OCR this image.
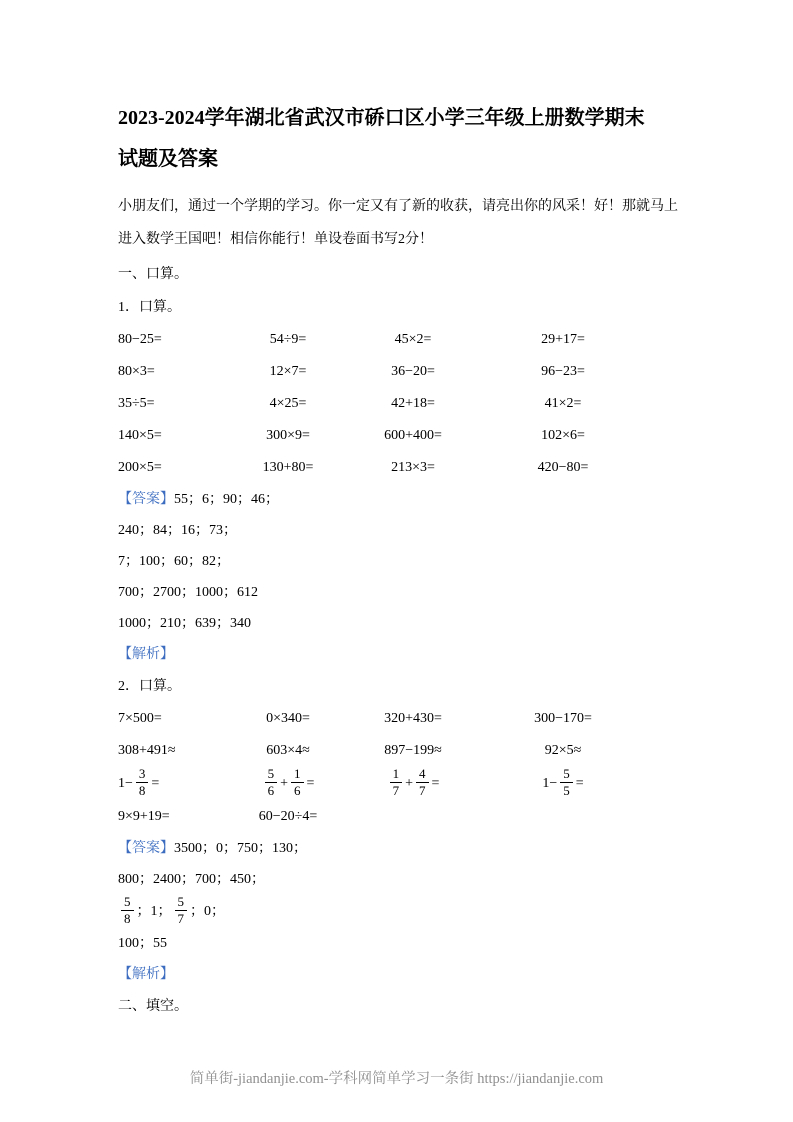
2023-2024学年湖北省武汉市硚口区小学三年级上册数学期末试题及答案

小朋友们，通过一个学期的学习。你一定又有了新的收获，请亮出你的风采！好！那就马上进入数学王国吧！相信你能行！单设卷面书写2分！

一、口算。

1．口算。

80−25=	54÷9=	45×2=	29+17=
80×3=	12×7=	36−20=	96−23=
35÷5=	4×25=	42+18=	41×2=
140×5=	300×9=	600+400=	102×6=
200×5=	130+80=	213×3=	420−80=

【答案】55；6；90；46；

240；84；16；73；

7；100；60；82；

700；2700；1000；612

1000；210；639；340

【解析】

2．口算。

7×500=	0×340=	320+430=	300−170=
308+491≈	603×4≈	897−199≈	92×5≈
$1- \frac{3}{8}$ =	$\frac{5}{6} + \frac{1}{6}$ =	$\frac{1}{7} + \frac{4}{7}$ =	$1- \frac{5}{5}$ =
9×9+19=	60−20÷4=

【答案】3500；0；750；130；

800；2400；700；450；

$\frac{5}{8}$ ；1； $\frac{5}{7}$ ；0；

100；55

【解析】

二、填空。

简单街-jiandanjie.com-学科网简单学习一条街 https://jiandanjie.com
